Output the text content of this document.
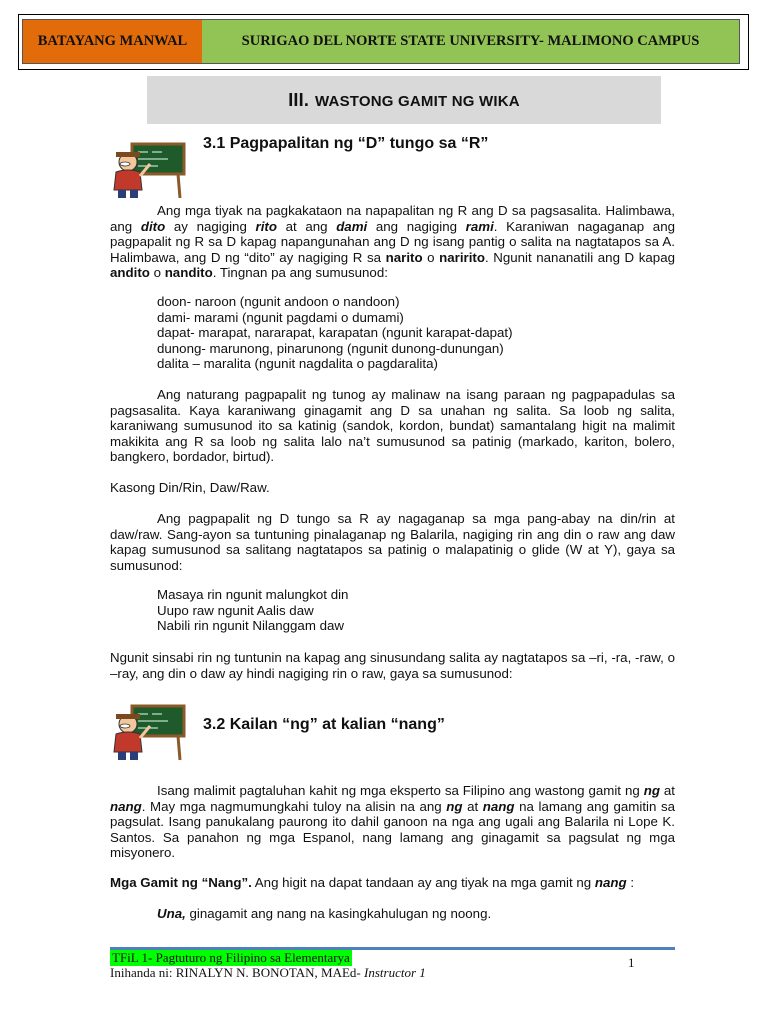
BATAYANG MANWAL	SURIGAO DEL NORTE STATE UNIVERSITY- MALIMONO CAMPUS
III. WASTONG GAMIT NG WIKA
3.1 Pagpapalitan ng “D” tungo sa “R”
Ang mga tiyak na pagkakataon na napapalitan ng R ang D sa pagsasalita. Halimbawa, ang dito ay nagiging rito at ang dami ang nagiging rami. Karaniwan nagaganap ang pagpapalit ng R sa D kapag napangunahan ang D ng isang pantig o salita na nagtatapos sa A. Halimbawa, ang D ng “dito” ay nagiging R sa narito o naririto. Ngunit nananatili ang D kapag andito o nandito. Tingnan pa ang sumusunod:
doon- naroon (ngunit andoon o nandoon)
dami- marami (ngunit pagdami o dumami)
dapat- marapat, nararapat, karapatan (ngunit karapat-dapat)
dunong- marunong, pinarunong (ngunit dunong-dunungan)
dalita – maralita (ngunit nagdalita o pagdaralita)
Ang naturang pagpapalit ng tunog ay malinaw na isang paraan ng pagpapadulas sa pagsasalita. Kaya karaniwang ginagamit ang D sa unahan ng salita. Sa loob ng salita, karaniwang sumusunod ito sa katinig (sandok, kordon, bundat) samantalang higit na malimit makikita ang R sa loob ng salita lalo na’t sumusunod sa patinig (markado, kariton, bolero, bangkero, bordador, birtud).
Kasong Din/Rin, Daw/Raw.
Ang pagpapalit ng D tungo sa R ay nagaganap sa mga pang-abay na din/rin at daw/raw. Sang-ayon sa tuntuning pinalaganap ng Balarila, nagiging rin ang din o raw ang daw kapag sumusunod sa salitang nagtatapos sa patinig o malapatinig o glide (W at Y), gaya sa sumusunod:
Masaya rin ngunit malungkot din
Uupo raw ngunit Aalis daw
Nabili rin ngunit Nilanggam daw
Ngunit sinsabi rin ng tuntunin na kapag ang sinusundang salita ay nagtatapos sa –ri, -ra, -raw, o –ray, ang din o daw ay hindi nagiging rin o raw, gaya sa sumusunod:
3.2 Kailan “ng” at kalian “nang”
Isang malimit pagtaluhan kahit ng mga eksperto sa Filipino ang wastong gamit ng ng at nang. May mga nagmumungkahi tuloy na alisin na ang ng at nang na lamang ang gamitin sa pagsulat. Isang panukalang paurong ito dahil ganoon na nga ang ugali ang Balarila ni Lope K. Santos. Sa panahon ng mga Espanol, nang lamang ang ginagamit sa pagsulat ng mga misyonero.
Mga Gamit ng “Nang”. Ang higit na dapat tandaan ay ang tiyak na mga gamit ng nang :
Una, ginagamit ang nang na kasingkahulugan ng noong.
TFiL 1- Pagtuturo ng Filipino sa Elementarya
Inihanda ni: RINALYN N. BONOTAN, MAEd- Instructor 1
1
